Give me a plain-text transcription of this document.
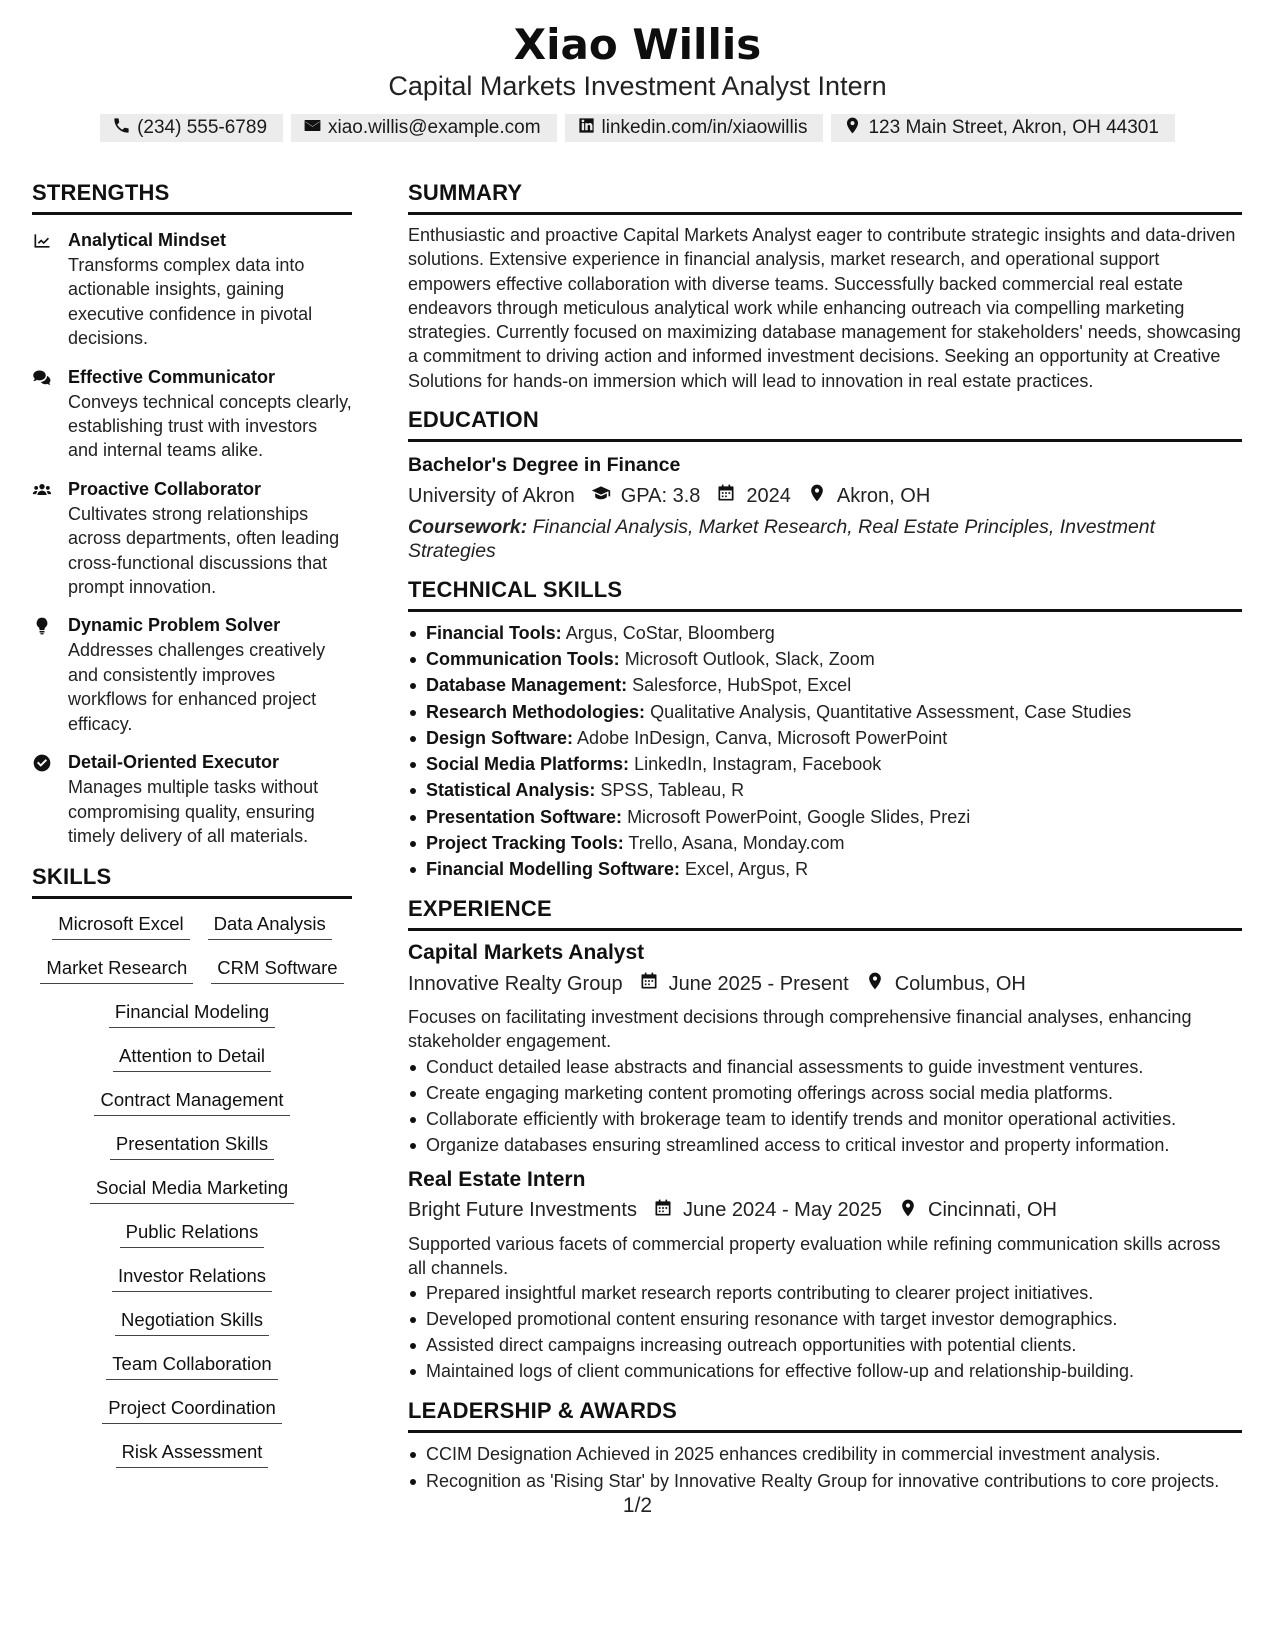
Xiao Willis
Capital Markets Investment Analyst Intern
(234) 555-6789	xiao.willis@example.com	linkedin.com/in/xiaowillis	123 Main Street, Akron, OH 44301
STRENGTHS
Analytical Mindset
Transforms complex data into actionable insights, gaining executive confidence in pivotal decisions.
Effective Communicator
Conveys technical concepts clearly, establishing trust with investors and internal teams alike.
Proactive Collaborator
Cultivates strong relationships across departments, often leading cross-functional discussions that prompt innovation.
Dynamic Problem Solver
Addresses challenges creatively and consistently improves workflows for enhanced project efficacy.
Detail-Oriented Executor
Manages multiple tasks without compromising quality, ensuring timely delivery of all materials.
SKILLS
Microsoft Excel	Data Analysis
Market Research	CRM Software
Financial Modeling
Attention to Detail
Contract Management
Presentation Skills
Social Media Marketing
Public Relations
Investor Relations
Negotiation Skills
Team Collaboration
Project Coordination
Risk Assessment
SUMMARY
Enthusiastic and proactive Capital Markets Analyst eager to contribute strategic insights and data-driven solutions. Extensive experience in financial analysis, market research, and operational support empowers effective collaboration with diverse teams. Successfully backed commercial real estate endeavors through meticulous analytical work while enhancing outreach via compelling marketing strategies. Currently focused on maximizing database management for stakeholders' needs, showcasing a commitment to driving action and informed investment decisions. Seeking an opportunity at Creative Solutions for hands-on immersion which will lead to innovation in real estate practices.
EDUCATION
Bachelor's Degree in Finance
University of Akron GPA: 3.8 2024 Akron, OH
Coursework: Financial Analysis, Market Research, Real Estate Principles, Investment Strategies
TECHNICAL SKILLS
Financial Tools: Argus, CoStar, Bloomberg
Communication Tools: Microsoft Outlook, Slack, Zoom
Database Management: Salesforce, HubSpot, Excel
Research Methodologies: Qualitative Analysis, Quantitative Assessment, Case Studies
Design Software: Adobe InDesign, Canva, Microsoft PowerPoint
Social Media Platforms: LinkedIn, Instagram, Facebook
Statistical Analysis: SPSS, Tableau, R
Presentation Software: Microsoft PowerPoint, Google Slides, Prezi
Project Tracking Tools: Trello, Asana, Monday.com
Financial Modelling Software: Excel, Argus, R
EXPERIENCE
Capital Markets Analyst
Innovative Realty Group June 2025 - Present Columbus, OH
Focuses on facilitating investment decisions through comprehensive financial analyses, enhancing stakeholder engagement.
Conduct detailed lease abstracts and financial assessments to guide investment ventures.
Create engaging marketing content promoting offerings across social media platforms.
Collaborate efficiently with brokerage team to identify trends and monitor operational activities.
Organize databases ensuring streamlined access to critical investor and property information.
Real Estate Intern
Bright Future Investments June 2024 - May 2025 Cincinnati, OH
Supported various facets of commercial property evaluation while refining communication skills across all channels.
Prepared insightful market research reports contributing to clearer project initiatives.
Developed promotional content ensuring resonance with target investor demographics.
Assisted direct campaigns increasing outreach opportunities with potential clients.
Maintained logs of client communications for effective follow-up and relationship-building.
LEADERSHIP & AWARDS
CCIM Designation Achieved in 2025 enhances credibility in commercial investment analysis.
Recognition as 'Rising Star' by Innovative Realty Group for innovative contributions to core projects.
1/2
